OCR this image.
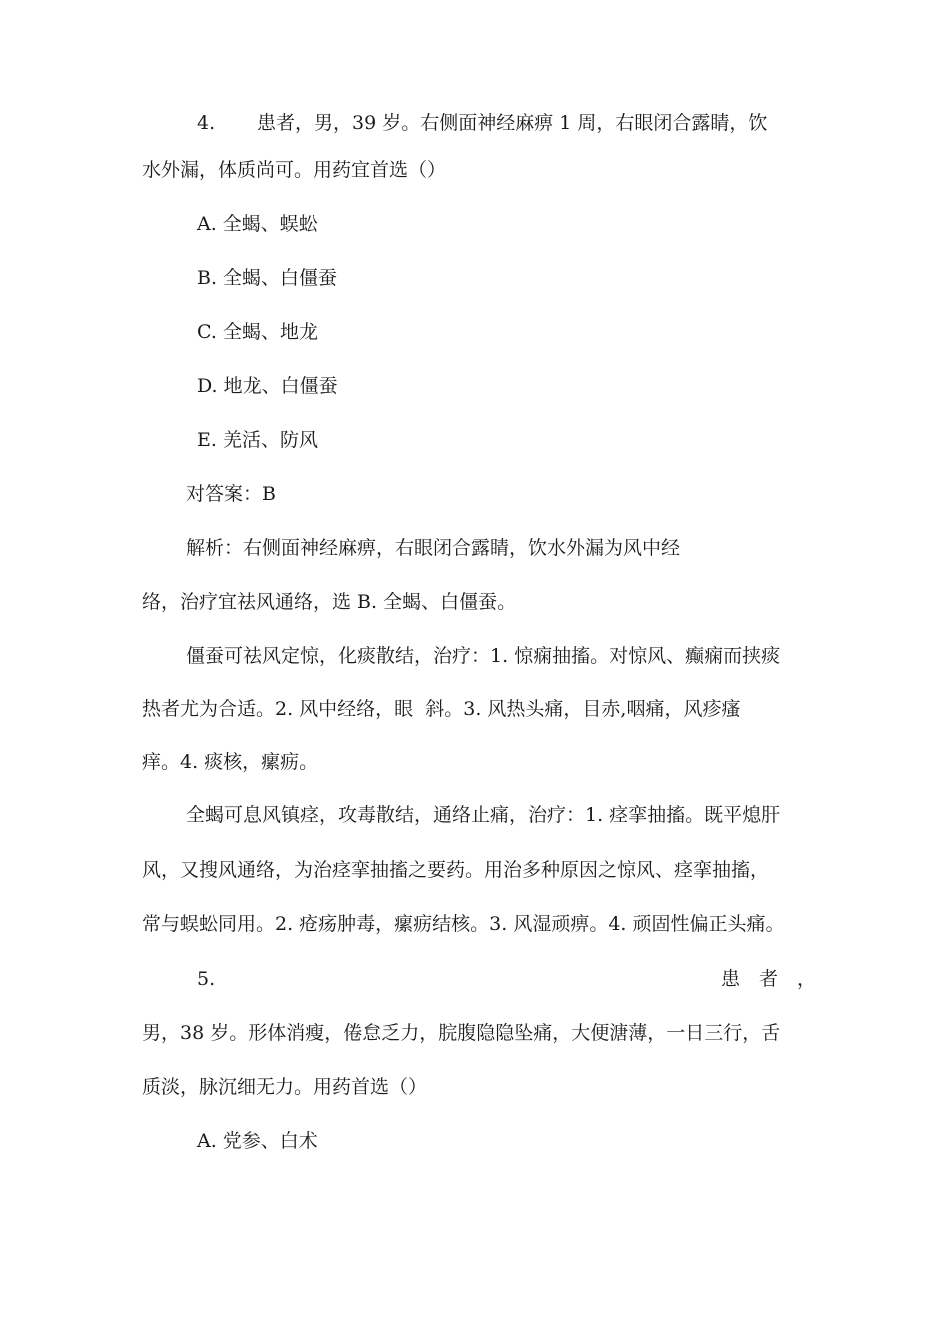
4. 患者，男，39 岁。右侧面神经麻痹 1 周，右眼闭合露睛，饮
水外漏，体质尚可。用药宜首选（）
A. 全蝎、蜈蚣
B. 全蝎、白僵蚕
C. 全蝎、地龙
D. 地龙、白僵蚕
E. 羌活、防风
对答案：B
解析：右侧面神经麻痹，右眼闭合露睛，饮水外漏为风中经
络，治疗宜祛风通络，选 B. 全蝎、白僵蚕。
僵蚕可祛风定惊，化痰散结，治疗：1. 惊痫抽搐。对惊风、癫痫而挟痰
热者尤为合适。2. 风中经络，眼  斜。3. 风热头痛，目赤,咽痛，风疹瘙
痒。4. 痰核，瘰疬。
全蝎可息风镇痉，攻毒散结，通络止痛，治疗：1. 痉挛抽搐。既平熄肝
风，又搜风通络，为治痉挛抽搐之要药。用治多种原因之惊风、痉挛抽搐，
常与蜈蚣同用。2. 疮疡肿毒，瘰疬结核。3. 风湿顽痹。4. 顽固性偏正头痛。
5.	患　者　，
男，38 岁。形体消瘦，倦怠乏力，脘腹隐隐坠痛，大便溏薄，一日三行，舌
质淡，脉沉细无力。用药首选（）
A. 党参、白术
